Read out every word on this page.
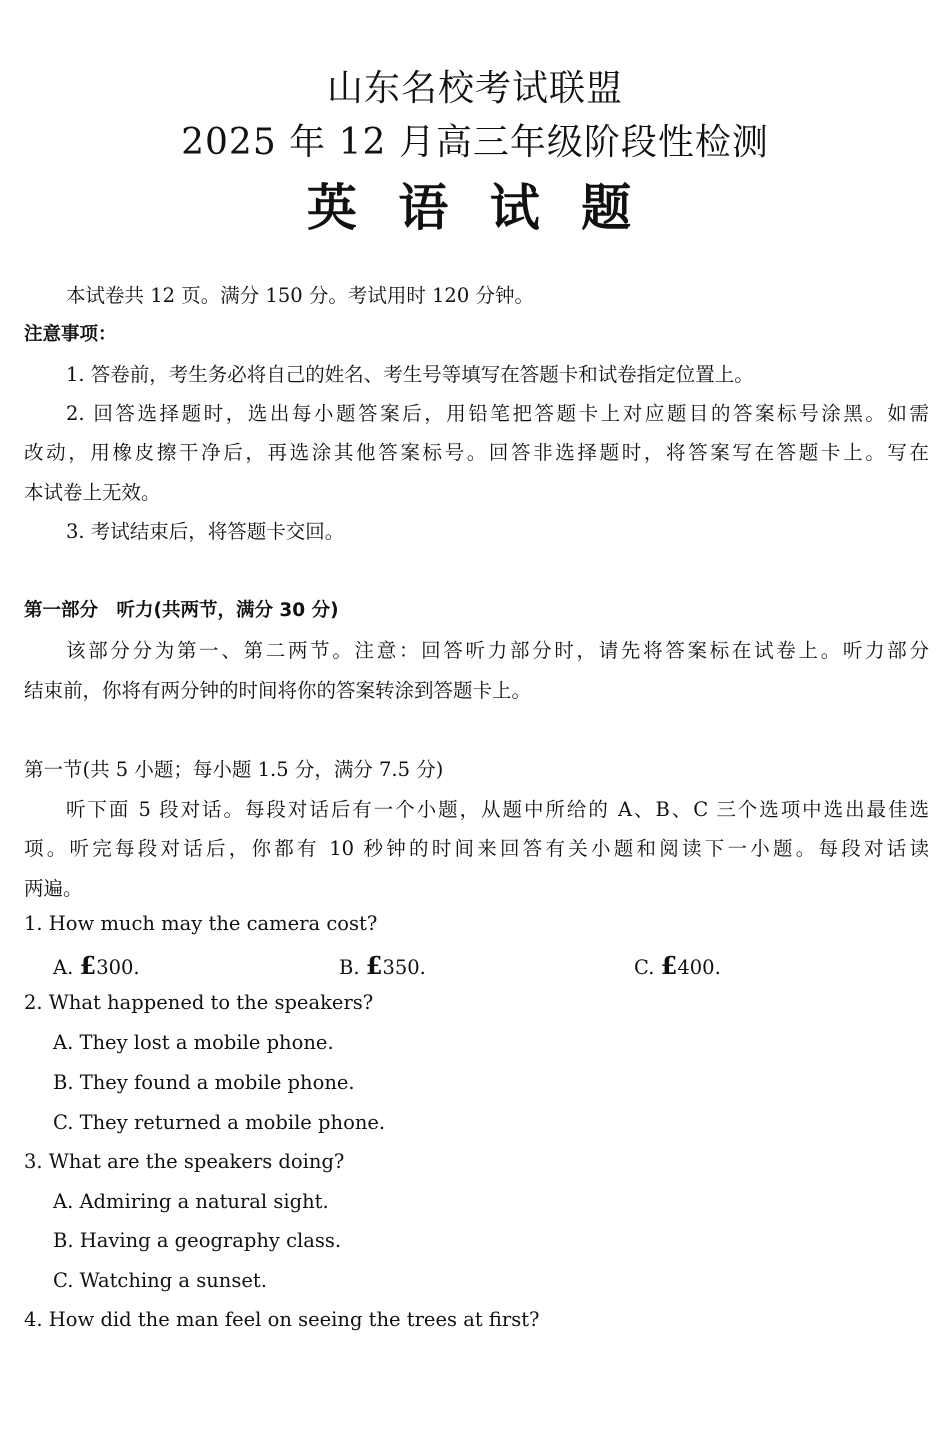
山东名校考试联盟
2025 年 12 月高三年级阶段性检测
英 语 试 题
本试卷共 12 页。满分 150 分。考试用时 120 分钟。
注意事项：
1. 答卷前，考生务必将自己的姓名、考生号等填写在答题卡和试卷指定位置上。
2. 回答选择题时，选出每小题答案后，用铅笔把答题卡上对应题目的答案标号涂黑。如需
改动，用橡皮擦干净后，再选涂其他答案标号。回答非选择题时，将答案写在答题卡上。写在
本试卷上无效。
3. 考试结束后，将答题卡交回。
第一部分　听力(共两节，满分 30 分)
该部分分为第一、第二两节。注意：回答听力部分时，请先将答案标在试卷上。听力部分
结束前，你将有两分钟的时间将你的答案转涂到答题卡上。
第一节(共 5 小题；每小题 1.5 分，满分 7.5 分)
听下面 5 段对话。每段对话后有一个小题，从题中所给的 A、B、C 三个选项中选出最佳选
项。听完每段对话后，你都有 10 秒钟的时间来回答有关小题和阅读下一小题。每段对话读
两遍。
1. How much may the camera cost?
A. £300.	B. £350.	C. £400.
2. What happened to the speakers?
A. They lost a mobile phone.
B. They found a mobile phone.
C. They returned a mobile phone.
3. What are the speakers doing?
A. Admiring a natural sight.
B. Having a geography class.
C. Watching a sunset.
4. How did the man feel on seeing the trees at first?
